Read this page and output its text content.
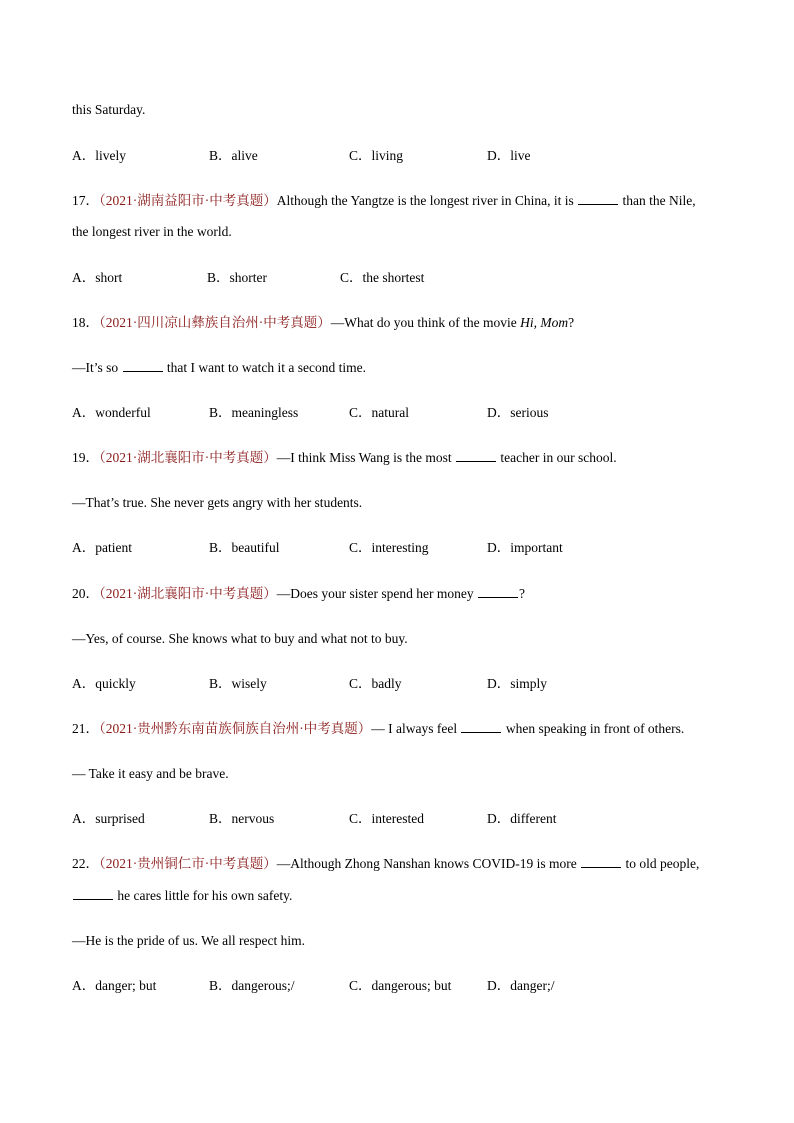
this Saturday.
A．lively	B．alive	C．living	D．live
17．（2021·湖南益阳市·中考真题）Although the Yangtze is the longest river in China, it is	than the Nile,
the longest river in the world.
A．short	B．shorter	C．the shortest
18．（2021·四川凉山彝族自治州·中考真题）—What do you think of the movie Hi, Mom?
—It’s so	that I want to watch it a second time.
A．wonderful	B．meaningless	C．natural	D．serious
19．（2021·湖北襄阳市·中考真题）—I think Miss Wang is the most	teacher in our school.
—That’s true. She never gets angry with her students.
A．patient	B．beautiful	C．interesting	D．important
20．（2021·湖北襄阳市·中考真题）—Does your sister spend her money	?
—Yes, of course. She knows what to buy and what not to buy.
A．quickly	B．wisely	C．badly	D．simply
21．（2021·贵州黔东南苗族侗族自治州·中考真题）— I always feel	when speaking in front of others.
— Take it easy and be brave.
A．surprised	B．nervous	C．interested	D．different
22．（2021·贵州铜仁市·中考真题）—Although Zhong Nanshan knows COVID-19 is more	to old people,
he cares little for his own safety.
—He is the pride of us. We all respect him.
A．danger; but	B．dangerous;/	C．dangerous; but	D．danger;/
